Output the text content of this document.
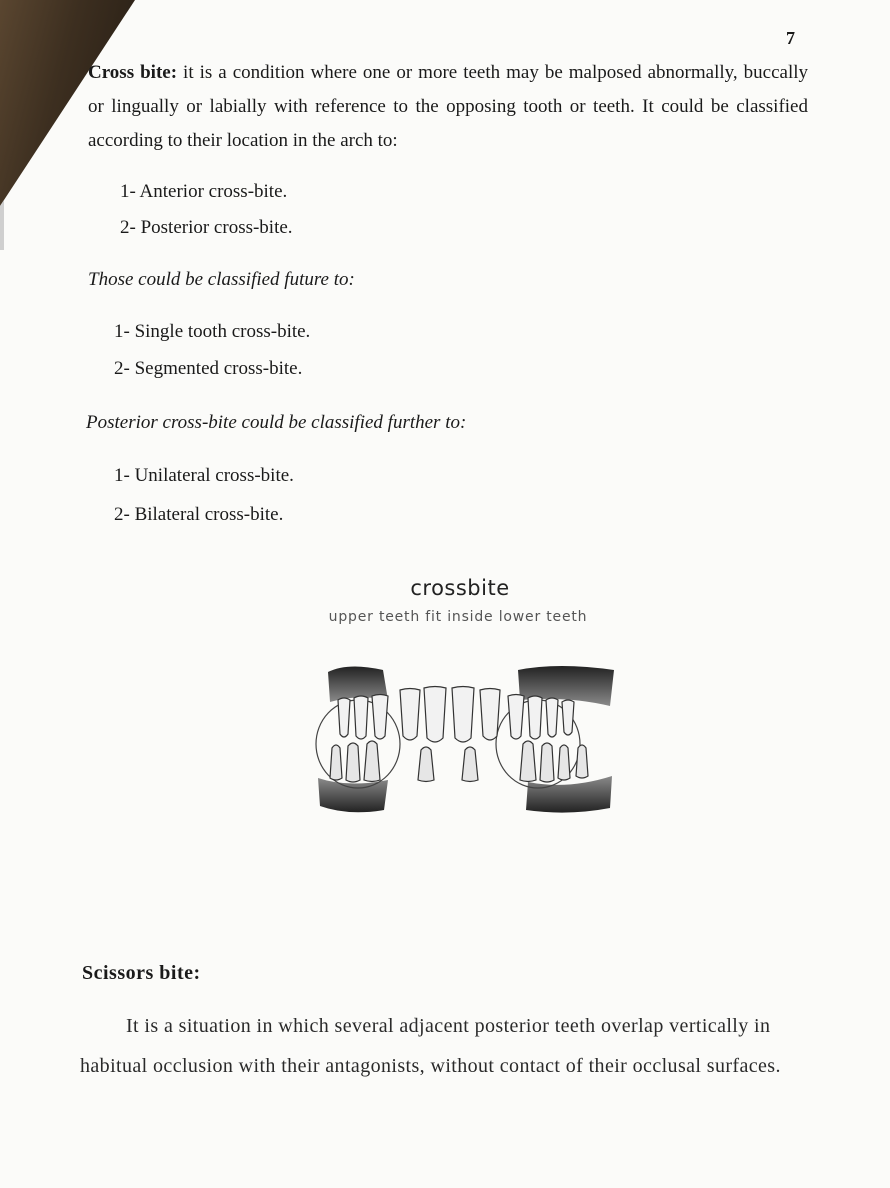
7
Cross bite: it is a condition where one or more teeth may be malposed abnormally, buccally or lingually or labially with reference to the opposing tooth or teeth. It could be classified according to their location in the arch to:
1- Anterior cross-bite.
2- Posterior cross-bite.
Those could be classified future to:
1- Single tooth cross-bite.
2- Segmented cross-bite.
Posterior cross-bite could be classified further to:
1- Unilateral cross-bite.
2- Bilateral cross-bite.
crossbite
upper teeth fit inside lower teeth
Scissors bite:
It is a situation in which several adjacent posterior teeth overlap vertically in habitual occlusion with their antagonists, without contact of their occlusal surfaces.
